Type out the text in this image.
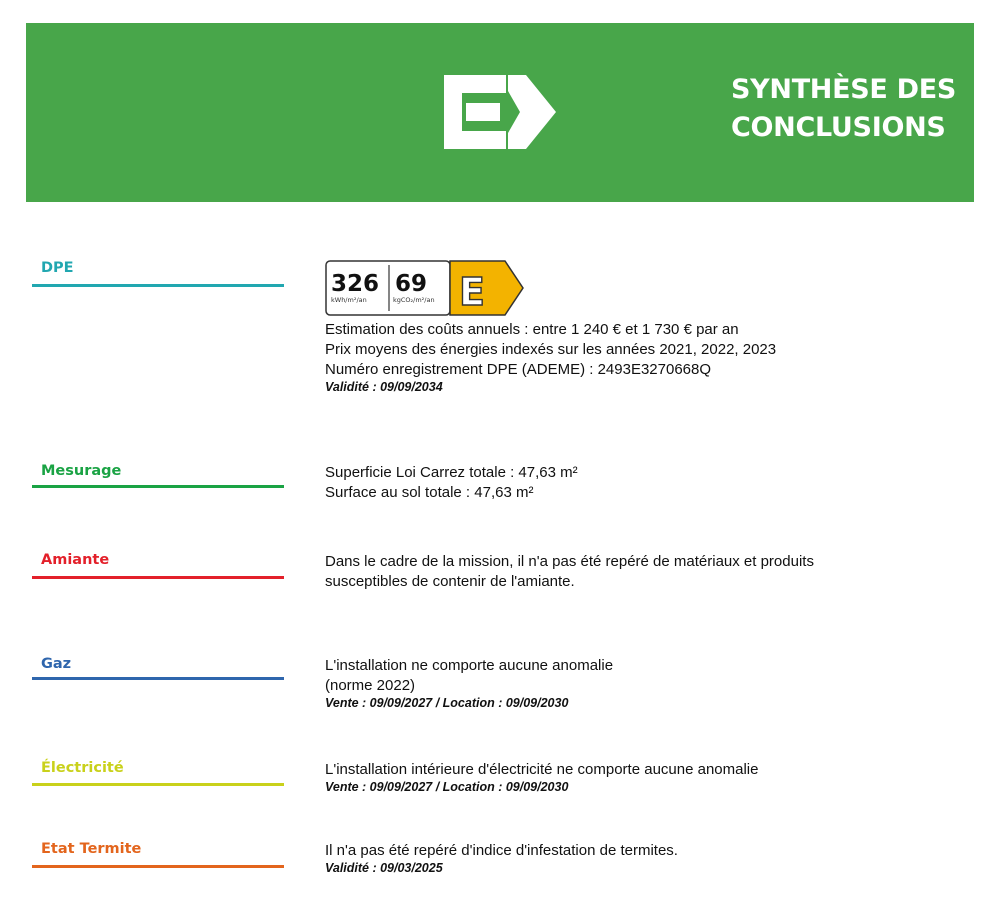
SYNTHÈSE DES
CONCLUSIONS
DPE
326
kWh/m²/an
69
kgCO₂/m²/an E
Estimation des coûts annuels : entre 1 240 € et 1 730 € par an
Prix moyens des énergies indexés sur les années 2021, 2022, 2023
Numéro enregistrement DPE (ADEME) : 2493E3270668Q
Validité : 09/09/2034
Mesurage	Superficie Loi Carrez totale : 47,63 m²
Surface au sol totale : 47,63 m²
Amiante	Dans le cadre de la mission, il n'a pas été repéré de matériaux et produits
susceptibles de contenir de l'amiante.
Gaz	L'installation ne comporte aucune anomalie
(norme 2022)
Vente : 09/09/2027 / Location : 09/09/2030
Électricité	L'installation intérieure d'électricité ne comporte aucune anomalie
Vente : 09/09/2027 / Location : 09/09/2030
Etat Termite	Il n'a pas été repéré d'indice d'infestation de termites.
Validité : 09/03/2025
